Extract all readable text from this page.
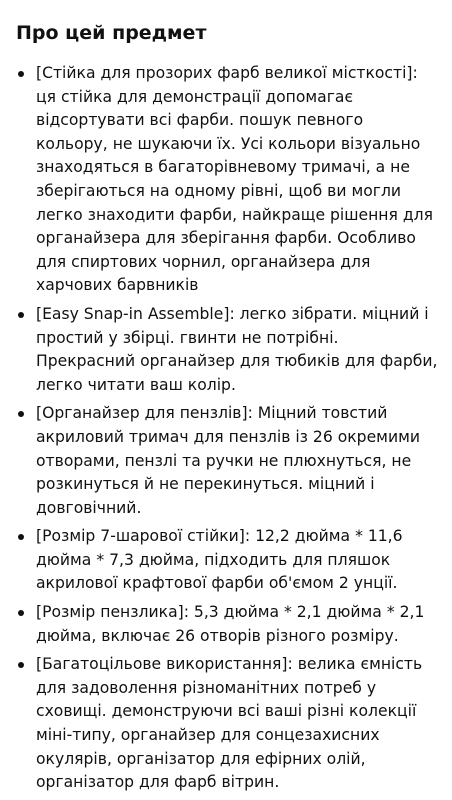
Про цей предмет
[Стійка для прозорих фарб великої місткості]: ця стійка для демонстрації допомагає відсортувати всі фарби. пошук певного кольору, не шукаючи їх. Усі кольори візуально знаходяться в багаторівневому тримачі, а не зберігаються на одному рівні, щоб ви могли легко знаходити фарби, найкраще рішення для органайзера для зберігання фарби. Особливо для спиртових чорнил, органайзера для харчових барвників
[Easy Snap-in Assemble]: легко зібрати. міцний і простий у збірці. гвинти не потрібні. Прекрасний органайзер для тюбиків для фарби, легко читати ваш колір.
[Органайзер для пензлів]: Міцний товстий акриловий тримач для пензлів із 26 окремими отворами, пензлі та ручки не плюхнуться, не розкинуться й не перекинуться. міцний і довговічний.
[Розмір 7-шарової стійки]: 12,2 дюйма * 11,6 дюйма * 7,3 дюйма, підходить для пляшок акрилової крафтової фарби об'ємом 2 унції.
[Розмір пензлика]: 5,3 дюйма * 2,1 дюйма * 2,1 дюйма, включає 26 отворів різного розміру.
[Багатоцільове використання]: велика ємність для задоволення різноманітних потреб у сховищі. демонструючи всі ваші різні колекції міні-типу, органайзер для сонцезахисних окулярів, організатор для ефірних олій, організатор для фарб вітрин.
